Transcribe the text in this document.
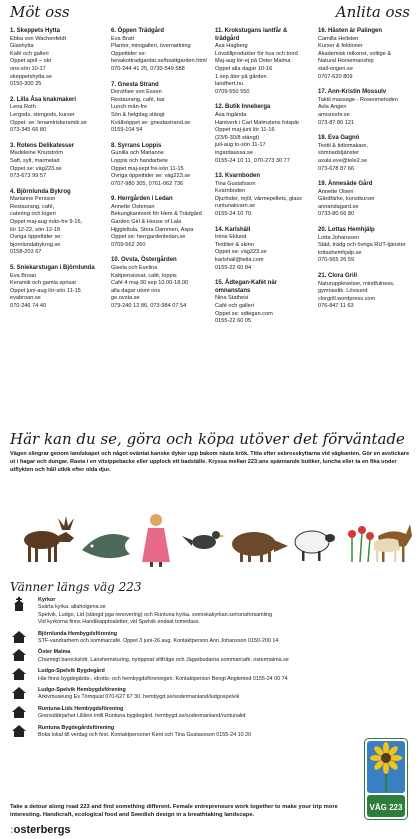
Möt oss	Anlita oss
1. Skeppets Hytta
Ebba von Wachenfeldt
Glashytta
Kafé och galleri
Öppet april – okt
ons-sön 10-17
skeppetshytta.se
0150-300 25
2. Lilla Åsa knakmakeri
Lena Roth
Lergods, stengods, kurser
Öppet: se: lenamiriskeramik.se
073-345 66 80
3. Rotens Delikatesser
Madeleine Knutström
Saft, sylt, marmelad
Öppet se: väg223.se
073-673 99 57
4. Björnlunda Bykrog
Marianne Persson
Restaurang, café,
catering och logeri
Öppet maj-aug mån-fre 9-16,
lör 12-22, sön 12-18
Övriga öppettider se:
bjornlundabykrog.se
0158-203 67
5. Sniekarstugan i Björnlunda
Eva Broan
Keramik och gamla sprisar
Öppet juni-aug lör-sön 11-15
evabroan.se
070-246 74 40
6. Öppen Trädgård
Eva Bratt
Plantor, minigalleri, övernattning
Öppettider se:
bevakottradgardar.se/bsattgarden.html
070-244 41 25, 0730-549 588
7. Gnesta Strand
Dorothee von Essen
Restaurang, café, bar
Lunch mån-fre
Sön & helgdag stängt
Kvällsöppet se: gnestastrand.se
0159-104 54
8. Syrrans Loppis
Gunilla och Marianne
Loppis och handarbete
Öppet maj-sept fre-sön 11-15
Övriga öppettider se: väg223.se
0707-980 305, 0761-062 736
9. Herrgården i Ledan
Annette Östeman
Bekungkantverk för Hem & Trädgård
Garden Girl & House of Lala
Hjggleltula, Stora Dammen, Aspa
Öppet se: herrgardenledan.se
0709-562 260
10. Ovsta, Östergården
Gisela och Evelina
Kattpensionat, café, loppis
Café 4 maj-30 sep 10.00-18.00
alla dagar utom ons
ge.ovsta.se
079-240 12 86, 073-984 07 54
11. Krokstugans lantfår & trädgård
Åsa Hagberg
Lövstillprodukter för hus och bord
Maj-aug lör-ej på Öster Malma
Öppet alla dagar 10-16
1 sep åter på gården
landhert.nu
0709-550 550
12. Butik Inneberga
Åsa Ingånda
Hantverk i Carl Malmstens fotspår
Öppet maj-juni lör 11-16
(23/6-30/8 stängt)
juli-aug to-sön 11-17
ingardaassa.se
0155-24 10 11, 070-273 30 77
13. Kvarnboden
Tina Gustafsson
Kvarnboden
Djurfoder, mjöl, vårmepellets, glass
runtunakvarn.se
0155-24 10 70
14. Karlshäll
Iréne Eklund
Textilier & skinn
Öppet se: väg223.se
karlshall@telia.com
0155-22 60 84
15. Ådtegan-Kafét när omnanstans
Nina Stathesi
Café och galleri
Öppet se: sdtegan.com
0155-22 60 05
16. Hästen är Palingen
Camilla Hellsten
Kurser & fektioner
Akademisk ridkonst, voltige &
Natural Horsemanship
stall-ongen.se
0707-620 809
17. Ann-Kristin Mossulv
Taktil massage - Rosenmetoden
Avla Ängen
amozeshr.se
073-87 80 121
18. Eva Gagnö
Textil & tidiomakare,
sömnadstjänster
axala.eve@tele2.se
073-678 87 66
19. Ännesäde Gård
Annette Olsen
Gårdfärke, konstkurser
annandagard.se
0733-80 66 80
20. Lottas Hemhjälp
Lotta Johanssen
Städ, trädg och övriga RUT-tjänster
lottashemhjalp.se
070-565 26 59
21. Clora Grill
Naturupplevelser, mindfulness,
gymnastik. Lövsund
clorgrill.wordpress.com
076-847 11 63
Här kan du se, göra och köpa utöver det förväntade
Vägen slingrar genom landskapet och något oväntat kanske dyker upp bakom nästa krök. Titta efter sebrosskyltarna vid vägkanten. Gör en avstickare ut i hagar och dungar. Rasta i en vitsippebacke eller upplock ett badställe. Kryssa mellan 223:ans spännande butiker, luncha eller ta en fika under utflykten och håll utkik efter olda djur.
Vänner längs väg 223
Kyrkor
Svärta kyrka. allaholgena.se
Spetvik, Ludgo, Lid (stängd pga renovering) och Runtuna kyrka. svenskakyrkan.se/ronaforsamling
Vid kyrkorna finns Handikapptoaletter, vid Spelvik endast tomedass.
Björnlunda Hembygdsförening
STF-vandrarhem och sommarcafé. Öppet 3 juni-26 aug. Kontaktperson Ann Johansson 0150-200 14
Öster Malma
Charmigt barockslott. Lanshemsturing, nyöppnat viltfråge och Jägarbodarna sommarcafé. ostermalma.se
Ludgo-Spelvik Bygdegård
Här finns bygdegårds-, idrotts- och hembygdsföreningen. Kontaktperson Bengt Anglemed 0155-24 00 74
Ludgo-Spelvik Hembygdsförening
Arkivmuseung Es Törnquist 070-627 67 30. hembygd.se/sodermanland/ludgospelvik
Runtuna-Lids Hembygdsförening
Grensdåtrjarhet Lillånn intill Runtuna bygdegård. hembygd.se/sodermanland/runtunalid
Runtuna Bygdegårdsförening
Boka lokal till verdag och fest. Kontaktpersoner Kent och Tina Gustavsson 0155-24 10 20
Take a detour along road 223 and find something different. Female entrepreneurs work together to make your trip more interesting. Handicraft, ecological food and Swedish design in a breathtaking landscape.
:osterbergs
VÄG 223
